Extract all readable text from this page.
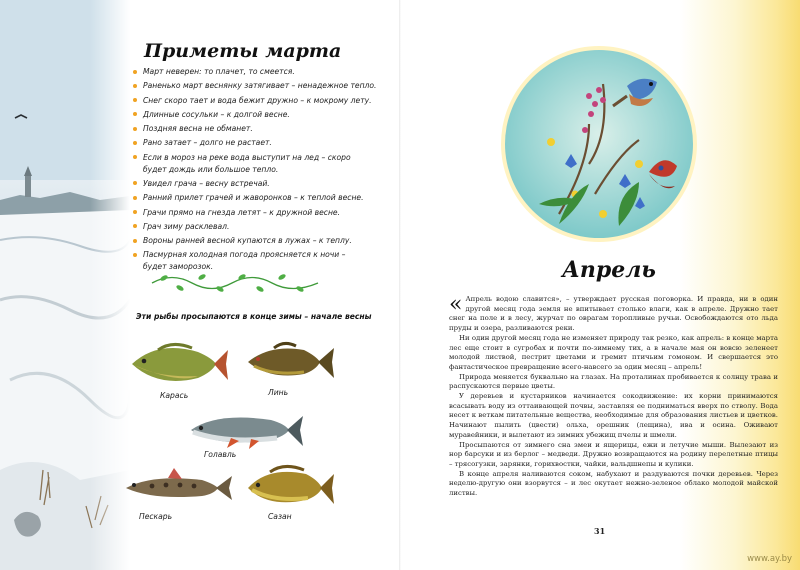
Приметы марта
Март неверен: то плачет, то смеется.
Раненько март веснянку затягивает – ненадежное тепло.
Снег скоро тает и вода бежит дружно – к мокрому лету.
Длинные сосульки – к долгой весне.
Поздняя весна не обманет.
Рано затает – долго не растает.
Если в мороз на реке вода выступит на лед – скоро будет дождь или большое тепло.
Увидел грача – весну встречай.
Ранний прилет грачей и жаворонков – к теплой весне.
Грачи прямо на гнезда летят – к дружной весне.
Грач зиму расклевал.
Вороны ранней весной купаются в лужах – к теплу.
Пасмурная холодная погода проясняется к ночи – будет заморозок.
Эти рыбы просыпаются в конце зимы – начале весны
Карась	Линь
Голавль
Пескарь	Сазан
Апрель

« Апрель водою славится», – утверждает русская поговорка. И правда, ни в один другой месяц года земля не впитывает столько влаги, как в апреле. Дружно тает снег на поле и в лесу, журчат по оврагам торопливые ручьи. Освобождаются ото льда пруды и озера, разливаются реки.

Ни один другой месяц года не изменяет природу так резко, как апрель: в конце марта лес еще стоит в сугробах и почти по-зимнему тих, а в начале мая он вовсю зеленеет молодой листвой, пестрит цветами и гремит птичьим гомоном. И свершается это фантастическое превращение всего-навсего за один месяц – апрель!

Природа меняется буквально на глазах. На проталинах пробивается к солнцу трава и распускаются первые цветы.

У деревьев и кустарников начинается сокодвижение: их корни принимаются всасывать воду из оттаивающей почвы, заставляя ее подниматься вверх по стволу. Вода несет к веткам питательные вещества, необходимые для образования листьев и цветков. Начинают пылить (цвести) ольха, орешник (лещина), ива и осина. Оживают муравейники, и вылетают из зимних убежищ пчелы и шмели.

Просыпаются от зимнего сна змеи и ящерицы, ежи и летучие мыши. Вылезают из нор барсуки и из берлог – медведи. Дружно возвращаются на родину перелетные птицы – трясогузки, зарянки, горихвостки, чайки, вальдшнепы и кулики.

В конце апреля наливаются соком, набухают и раздуваются почки деревьев. Через неделю-другую они взорвутся – и лес окутает нежно-зеленое облако молодой майской листвы.

31
www.ay.by
